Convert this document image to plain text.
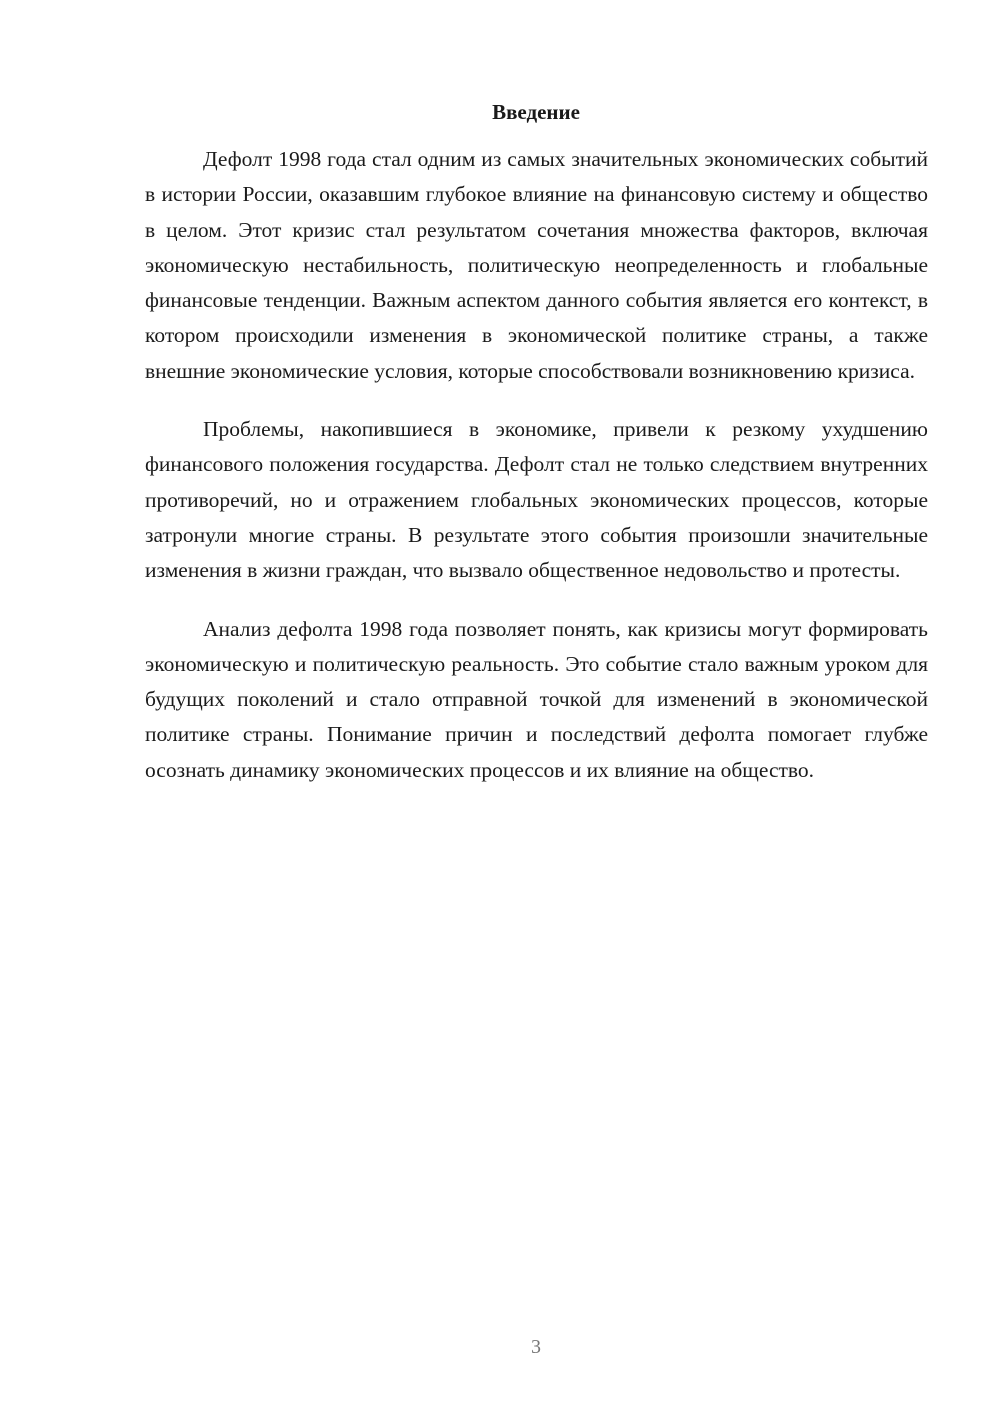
Введение

Дефолт 1998 года стал одним из самых значительных экономических событий в истории России, оказавшим глубокое влияние на финансовую систему и общество в целом. Этот кризис стал результатом сочетания множества факторов, включая экономическую нестабильность, политическую неопределенность и глобальные финансовые тенденции. Важным аспектом данного события является его контекст, в котором происходили изменения в экономической политике страны, а также внешние экономические условия, которые способствовали возникновению кризиса.

Проблемы, накопившиеся в экономике, привели к резкому ухудшению финансового положения государства. Дефолт стал не только следствием внутренних противоречий, но и отражением глобальных экономических процессов, которые затронули многие страны. В результате этого события произошли значительные изменения в жизни граждан, что вызвало общественное недовольство и протесты.

Анализ дефолта 1998 года позволяет понять, как кризисы могут формировать экономическую и политическую реальность. Это событие стало важным уроком для будущих поколений и стало отправной точкой для изменений в экономической политике страны. Понимание причин и последствий дефолта помогает глубже осознать динамику экономических процессов и их влияние на общество.

3
